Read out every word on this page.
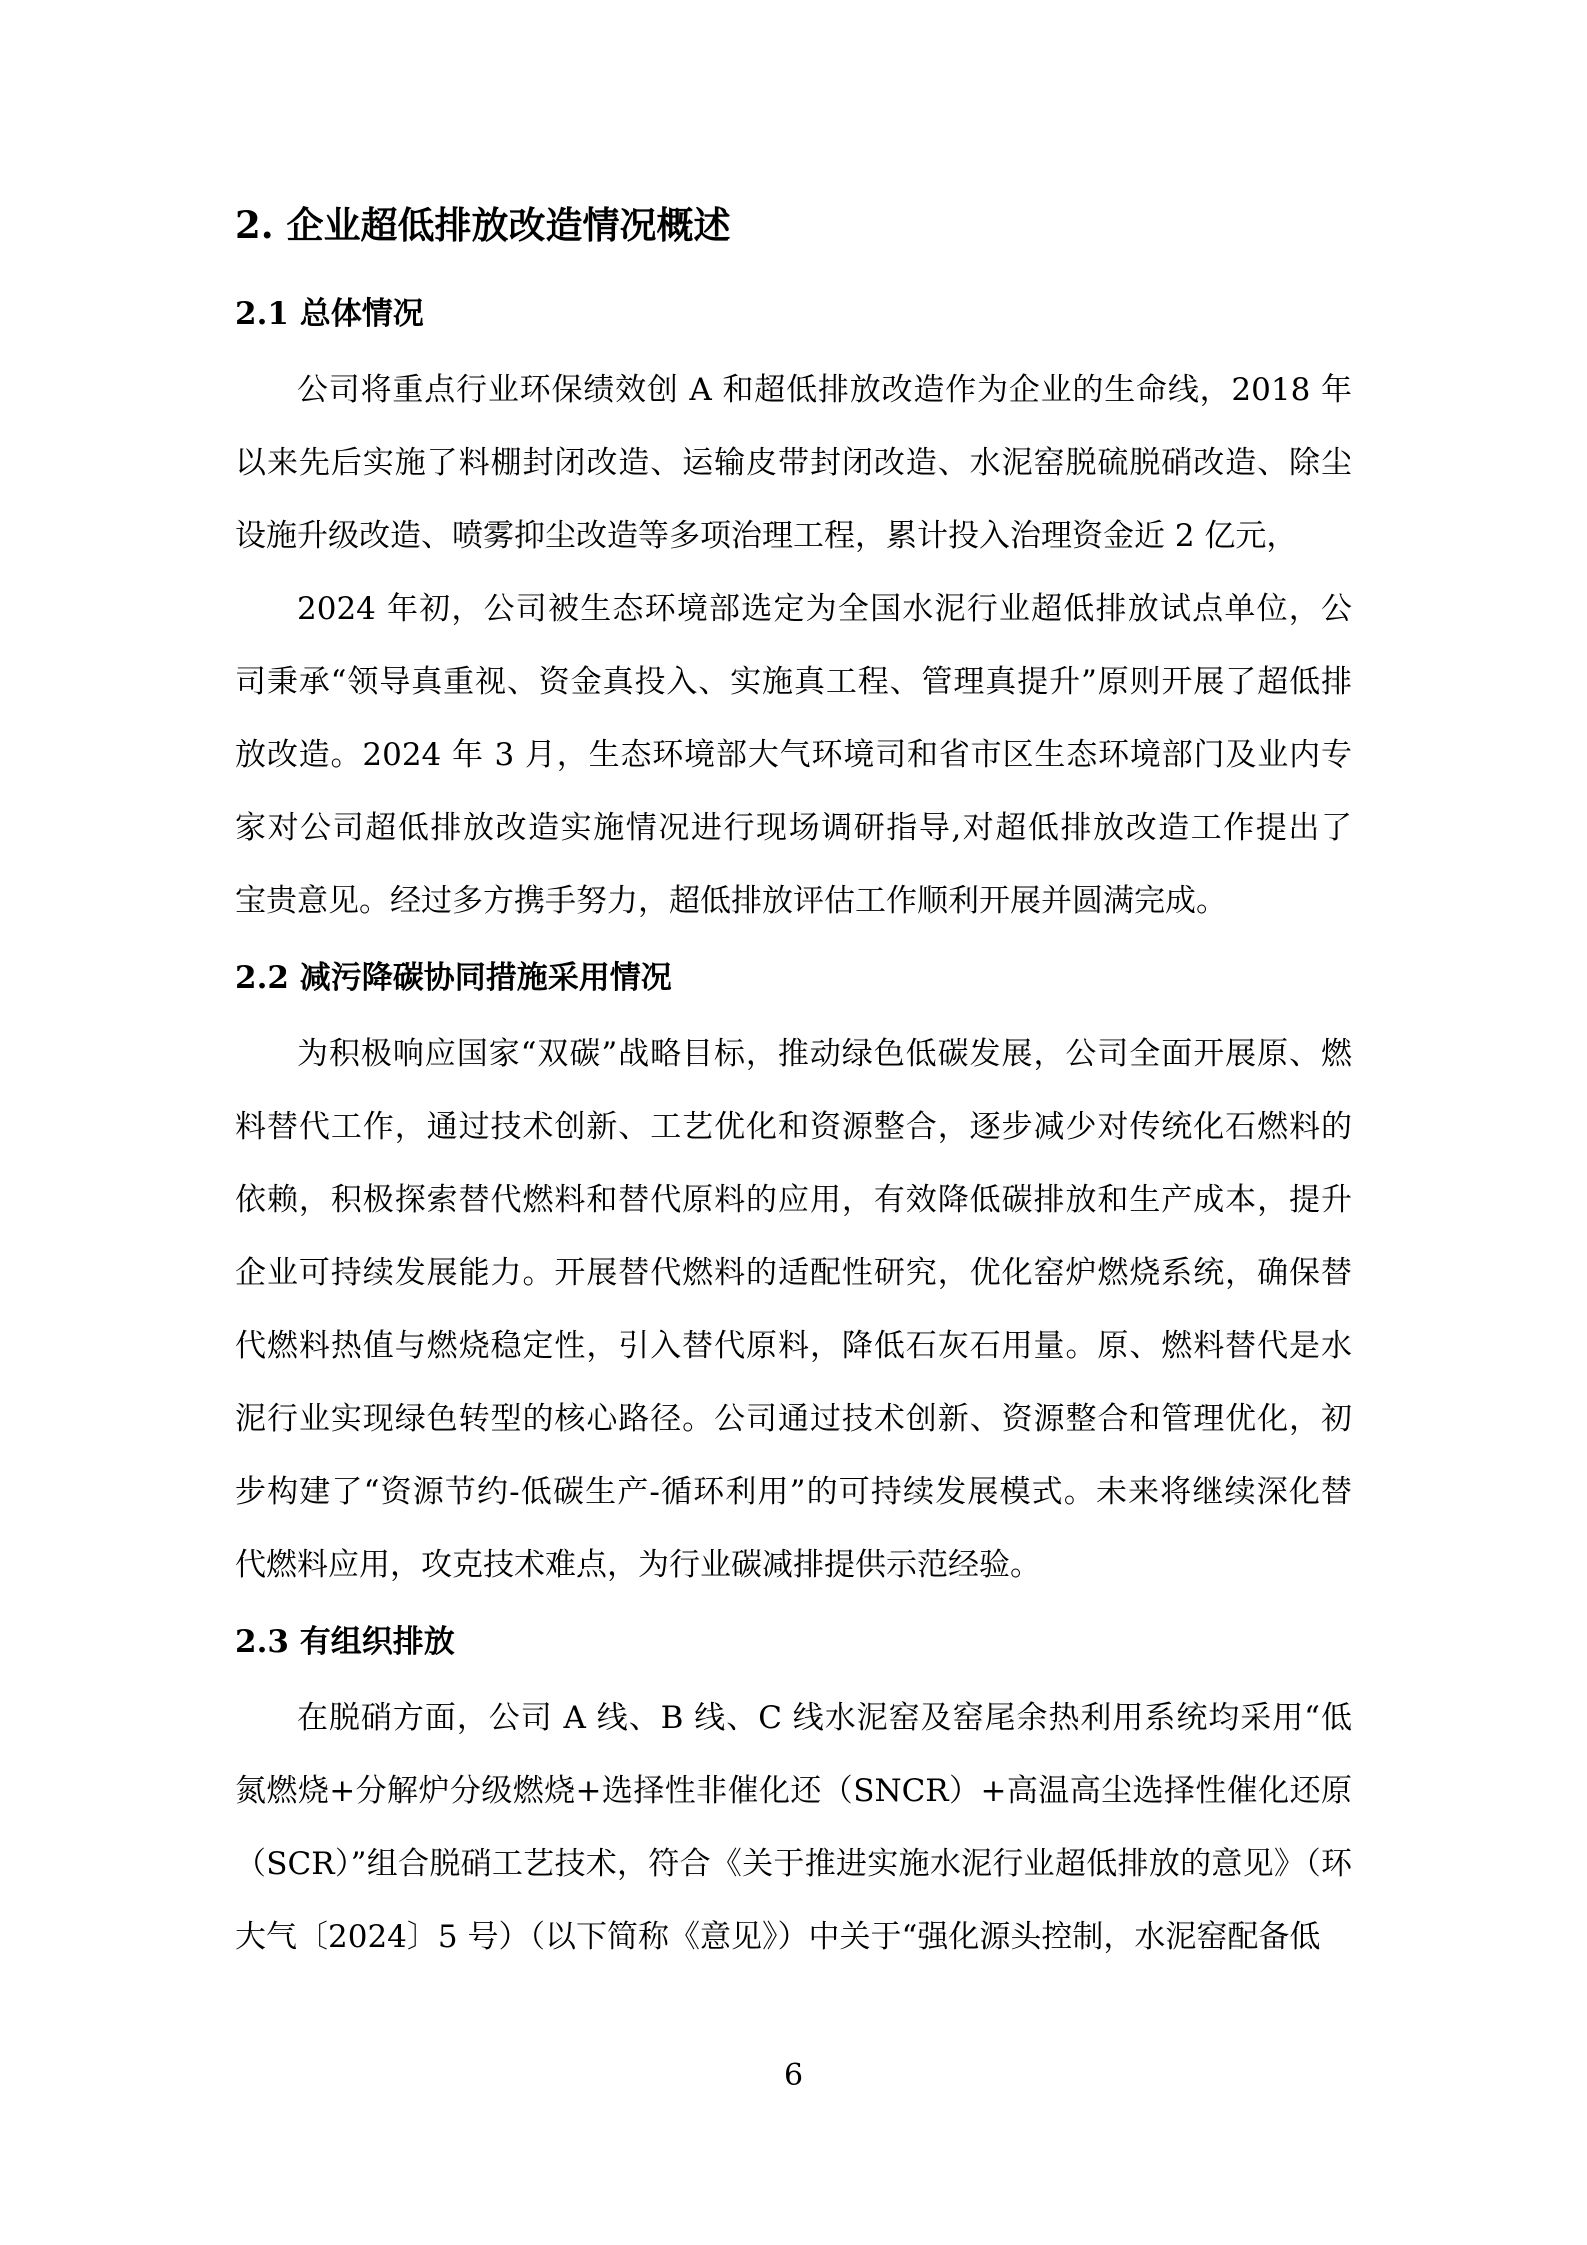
2. 企业超低排放改造情况概述
2.1 总体情况
公司将重点行业环保绩效创 A 和超低排放改造作为企业的生命线，2018 年
以来先后实施了料棚封闭改造、运输皮带封闭改造、水泥窑脱硫脱硝改造、除尘
设施升级改造、喷雾抑尘改造等多项治理工程，累计投入治理资金近 2 亿元，
2024 年初，公司被生态环境部选定为全国水泥行业超低排放试点单位，公
司秉承“领导真重视、资金真投入、实施真工程、管理真提升”原则开展了超低排
放改造。2024 年 3 月，生态环境部大气环境司和省市区生态环境部门及业内专
家对公司超低排放改造实施情况进行现场调研指导,对超低排放改造工作提出了
宝贵意见。经过多方携手努力，超低排放评估工作顺利开展并圆满完成。
2.2 减污降碳协同措施采用情况
为积极响应国家“双碳”战略目标，推动绿色低碳发展，公司全面开展原、燃
料替代工作，通过技术创新、工艺优化和资源整合，逐步减少对传统化石燃料的
依赖，积极探索替代燃料和替代原料的应用，有效降低碳排放和生产成本，提升
企业可持续发展能力。开展替代燃料的适配性研究，优化窑炉燃烧系统，确保替
代燃料热值与燃烧稳定性，引入替代原料，降低石灰石用量。原、燃料替代是水
泥行业实现绿色转型的核心路径。公司通过技术创新、资源整合和管理优化，初
步构建了“资源节约-低碳生产-循环利用”的可持续发展模式。未来将继续深化替
代燃料应用，攻克技术难点，为行业碳减排提供示范经验。
2.3 有组织排放
在脱硝方面，公司 A 线、B 线、C 线水泥窑及窑尾余热利用系统均采用“低
氮燃烧+分解炉分级燃烧+选择性非催化还（SNCR）+高温高尘选择性催化还原
（SCR）”组合脱硝工艺技术，符合《关于推进实施水泥行业超低排放的意见》（环
大气〔2024〕5 号）（以下简称《意见》）中关于“强化源头控制，水泥窑配备低
6
